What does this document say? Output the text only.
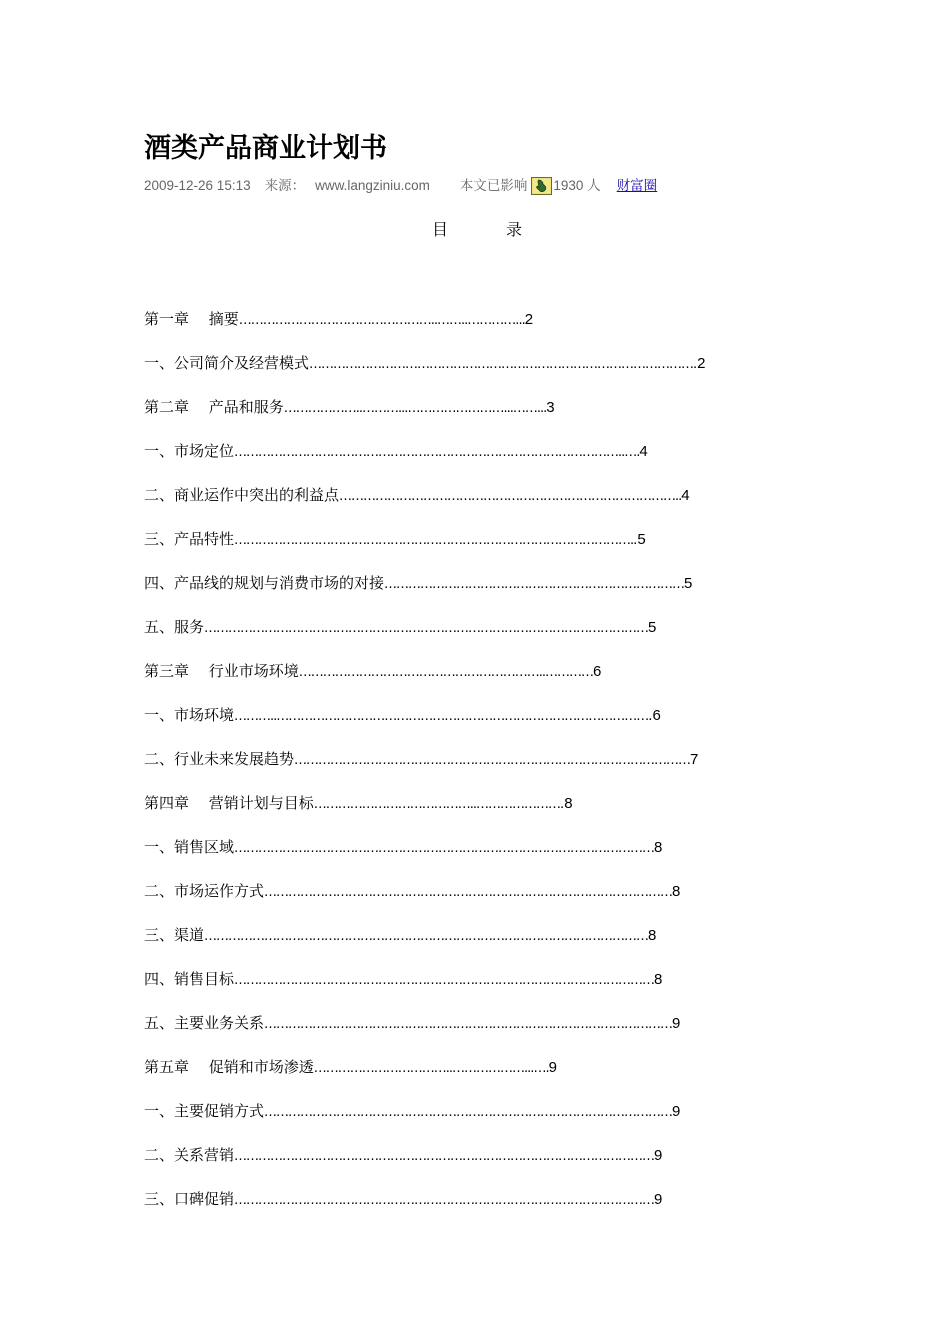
酒类产品商业计划书
2009-12-26 15:13 来源： www.langziniu.com 本文已影响 1930 人 财富圈
目	录
第一章　 摘要…………………………………………..……..…………...2
一、公司简介及经营模式…………………………………………………………………………………….2
第二章　 产品和服务………………..………...……………………...……...3
一、市场定位……………………………………………………………………………………..….4
二、商业运作中突出的利益点…………………………………………………………………………..4
三、产品特性………………………………………………………………………………………..5
四、产品线的规划与消费市场的对接…………………………………………………………………5
五、服务…………………………………………………………………………………………………5
第三章　 行业市场环境……………………………………………………..…………6
一、市场环境………..………………………………………………………………………………….6
二、行业未来发展趋势………………………………………………………………………………………7
第四章　 营销计划与目标…………………………………..………………….8
一、销售区域……………………………………………………………………………………………8
二、市场运作方式…………………………………………………………………………………………8
三、渠道…………………………………………………………………………………………………8
四、销售目标……………………………………………………………………………………………8
五、主要业务关系…………………………………………………………………………………………9
第五章　 促销和市场渗透……………………………..………………...….9
一、主要促销方式…………………………………………………………………………………………9
二、关系营销……………………………………………………………………………………………9
三、口碑促销……………………………………………………………………………………………9
